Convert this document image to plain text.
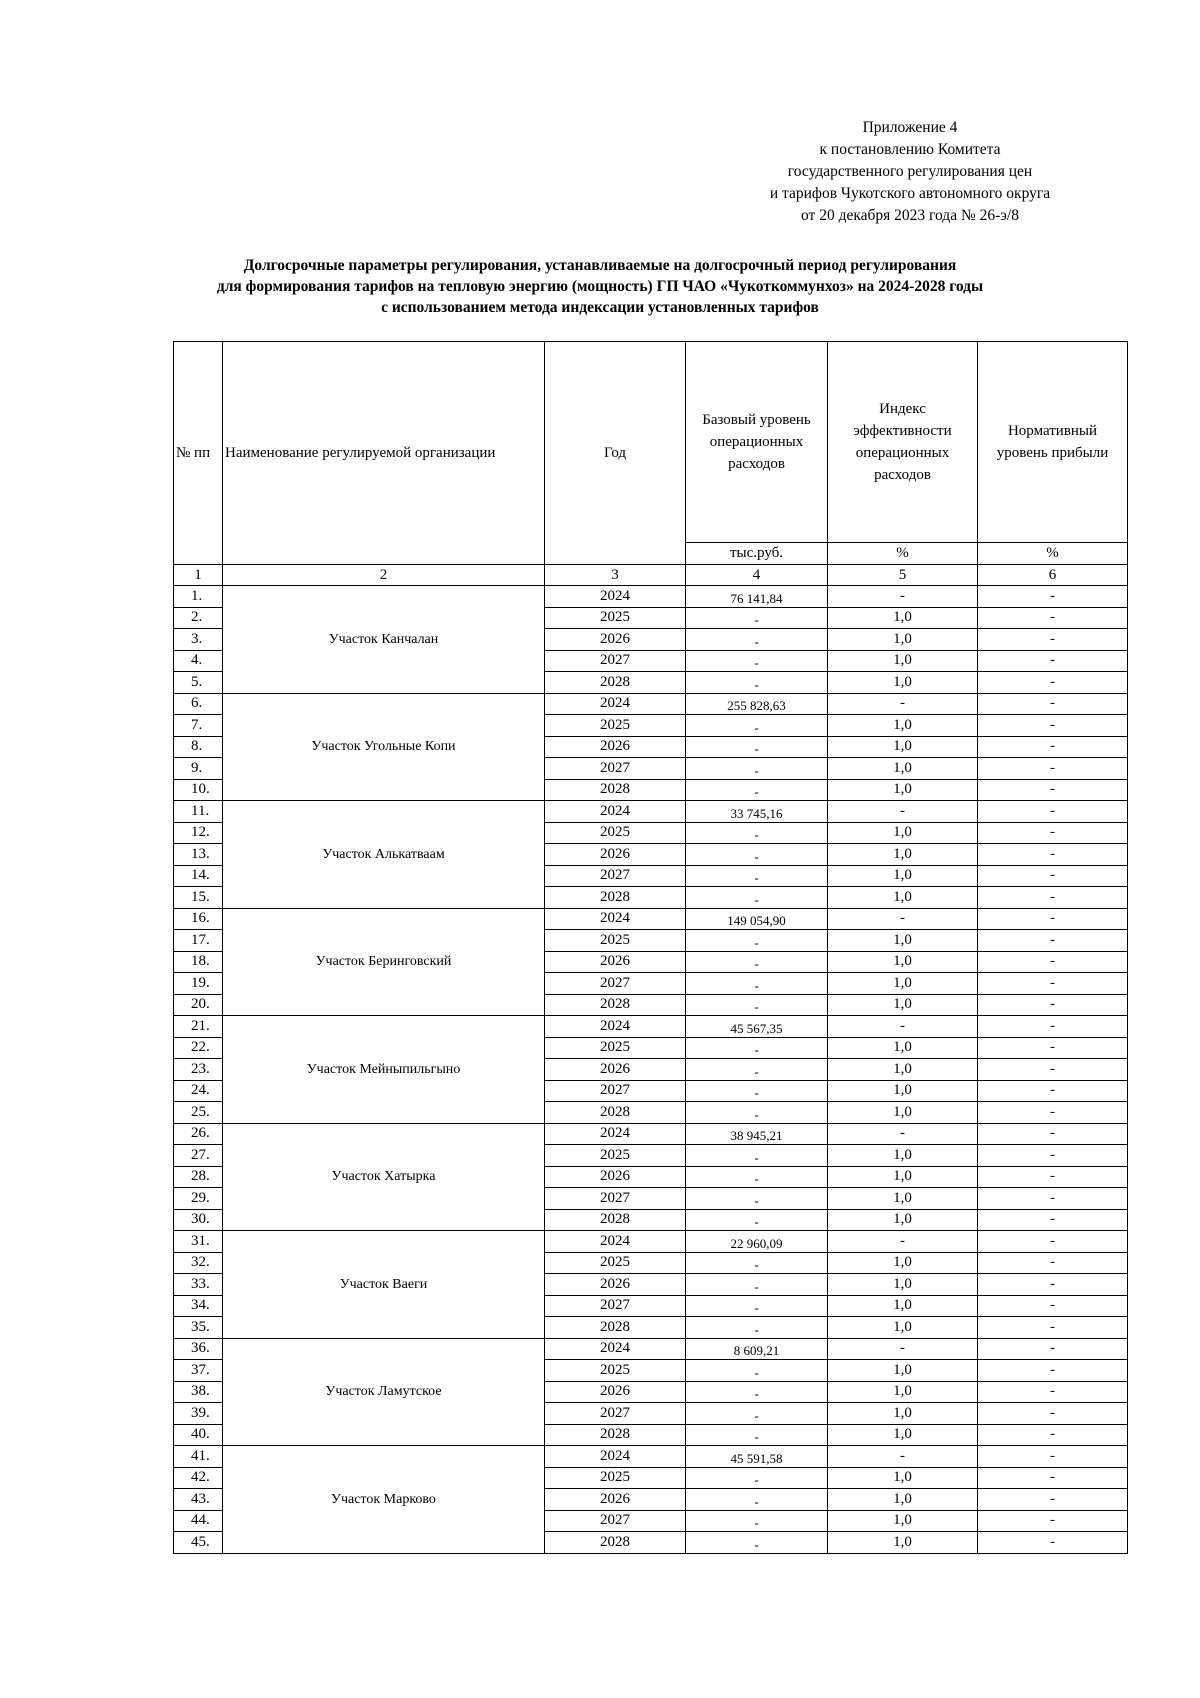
Приложение 4
к постановлению Комитета
государственного регулирования цен
и тарифов Чукотского автономного округа
от 20 декабря 2023 года № 26-э/8
Долгосрочные параметры регулирования, устанавливаемые на долгосрочный период регулирования
для формирования тарифов на тепловую энергию (мощность) ГП ЧАО «Чукоткоммунхоз» на 2024-2028 годы
с использованием метода индексации установленных тарифов
№ пп	Наименование регулируемой организации	Год	Базовый уровень операционных расходов	Индекс эффективности операционных расходов	Нормативный уровень прибыли
			тыс.руб.	%	%
1	2	3	4	5	6
1.	Участок Канчалан	2024	76 141,84	-	-
2.		2025	-	1,0	-
3.		2026	-	1,0	-
4.		2027	-	1,0	-
5.		2028	-	1,0	-
6.	Участок Угольные Копи	2024	255 828,63	-	-
7.		2025	-	1,0	-
8.		2026	-	1,0	-
9.		2027	-	1,0	-
10.		2028	-	1,0	-
11.	Участок Алькатваам	2024	33 745,16	-	-
12.		2025	-	1,0	-
13.		2026	-	1,0	-
14.		2027	-	1,0	-
15.		2028	-	1,0	-
16.	Участок Беринговский	2024	149 054,90	-	-
17.		2025	-	1,0	-
18.		2026	-	1,0	-
19.		2027	-	1,0	-
20.		2028	-	1,0	-
21.	Участок Мейныпильгыно	2024	45 567,35	-	-
22.		2025	-	1,0	-
23.		2026	-	1,0	-
24.		2027	-	1,0	-
25.		2028	-	1,0	-
26.	Участок Хатырка	2024	38 945,21	-	-
27.		2025	-	1,0	-
28.		2026	-	1,0	-
29.		2027	-	1,0	-
30.		2028	-	1,0	-
31.	Участок Ваеги	2024	22 960,09	-	-
32.		2025	-	1,0	-
33.		2026	-	1,0	-
34.		2027	-	1,0	-
35.		2028	-	1,0	-
36.	Участок Ламутское	2024	8 609,21	-	-
37.		2025	-	1,0	-
38.		2026	-	1,0	-
39.		2027	-	1,0	-
40.		2028	-	1,0	-
41.	Участок Марково	2024	45 591,58	-	-
42.		2025	-	1,0	-
43.		2026	-	1,0	-
44.		2027	-	1,0	-
45.		2028	-	1,0	-
